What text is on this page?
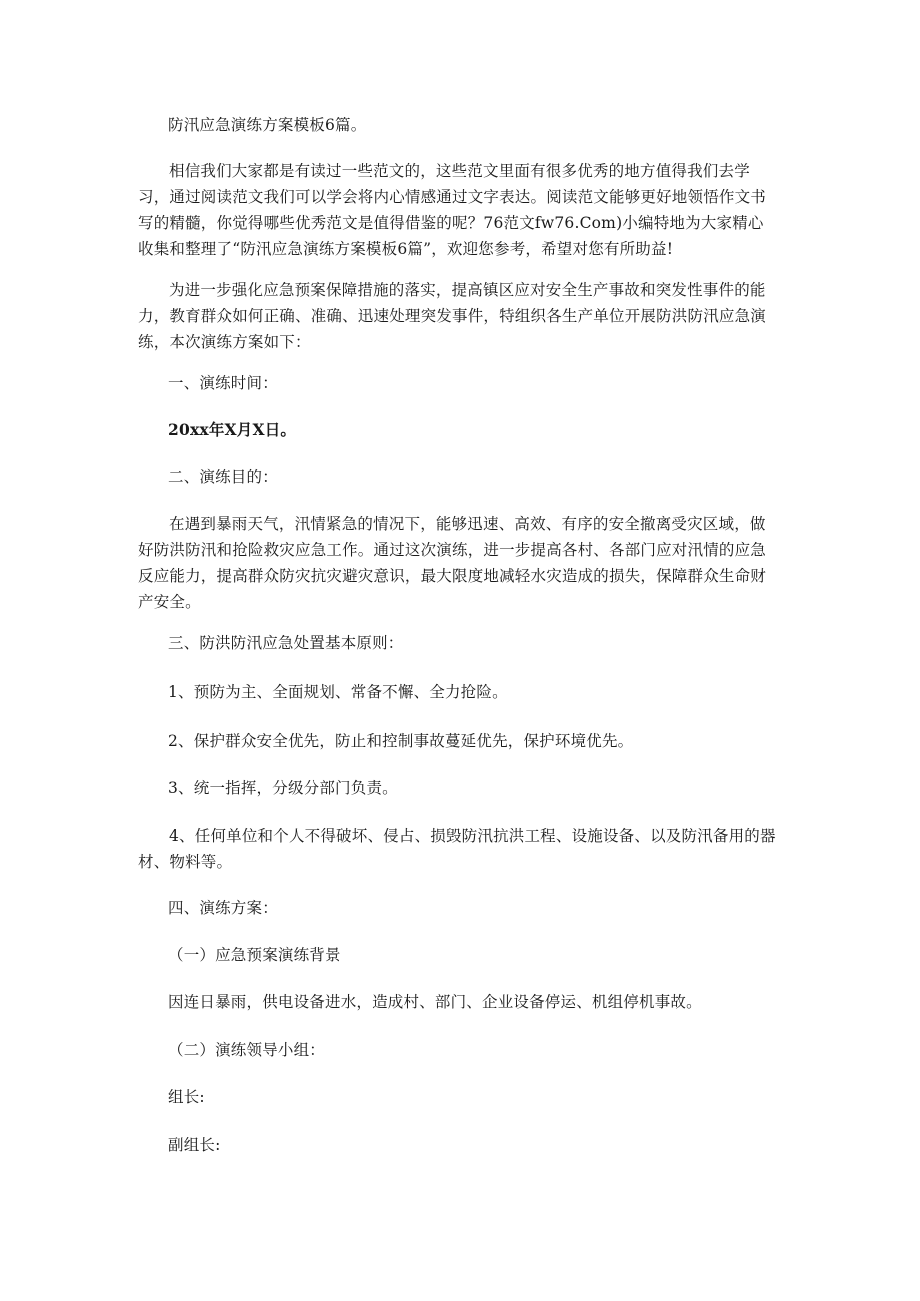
防汛应急演练方案模板6篇。
相信我们大家都是有读过一些范文的，这些范文里面有很多优秀的地方值得我们去学习，通过阅读范文我们可以学会将内心情感通过文字表达。阅读范文能够更好地领悟作文书写的精髓，你觉得哪些优秀范文是值得借鉴的呢？76范文fw76.Com)小编特地为大家精心收集和整理了“防汛应急演练方案模板6篇”，欢迎您参考，希望对您有所助益!
为进一步强化应急预案保障措施的落实，提高镇区应对安全生产事故和突发性事件的能力，教育群众如何正确、准确、迅速处理突发事件，特组织各生产单位开展防洪防汛应急演练，本次演练方案如下：
一、演练时间：
20xx年X月X日。
二、演练目的：
在遇到暴雨天气，汛情紧急的情况下，能够迅速、高效、有序的安全撤离受灾区域，做好防洪防汛和抢险救灾应急工作。通过这次演练，进一步提高各村、各部门应对汛情的应急反应能力，提高群众防灾抗灾避灾意识，最大限度地减轻水灾造成的损失，保障群众生命财产安全。
三、防洪防汛应急处置基本原则：
1、预防为主、全面规划、常备不懈、全力抢险。
2、保护群众安全优先，防止和控制事故蔓延优先，保护环境优先。
3、统一指挥，分级分部门负责。
4、任何单位和个人不得破坏、侵占、损毁防汛抗洪工程、设施设备、以及防汛备用的器材、物料等。
四、演练方案：
（一）应急预案演练背景
因连日暴雨，供电设备进水，造成村、部门、企业设备停运、机组停机事故。
（二）演练领导小组：
组长:
副组长:
